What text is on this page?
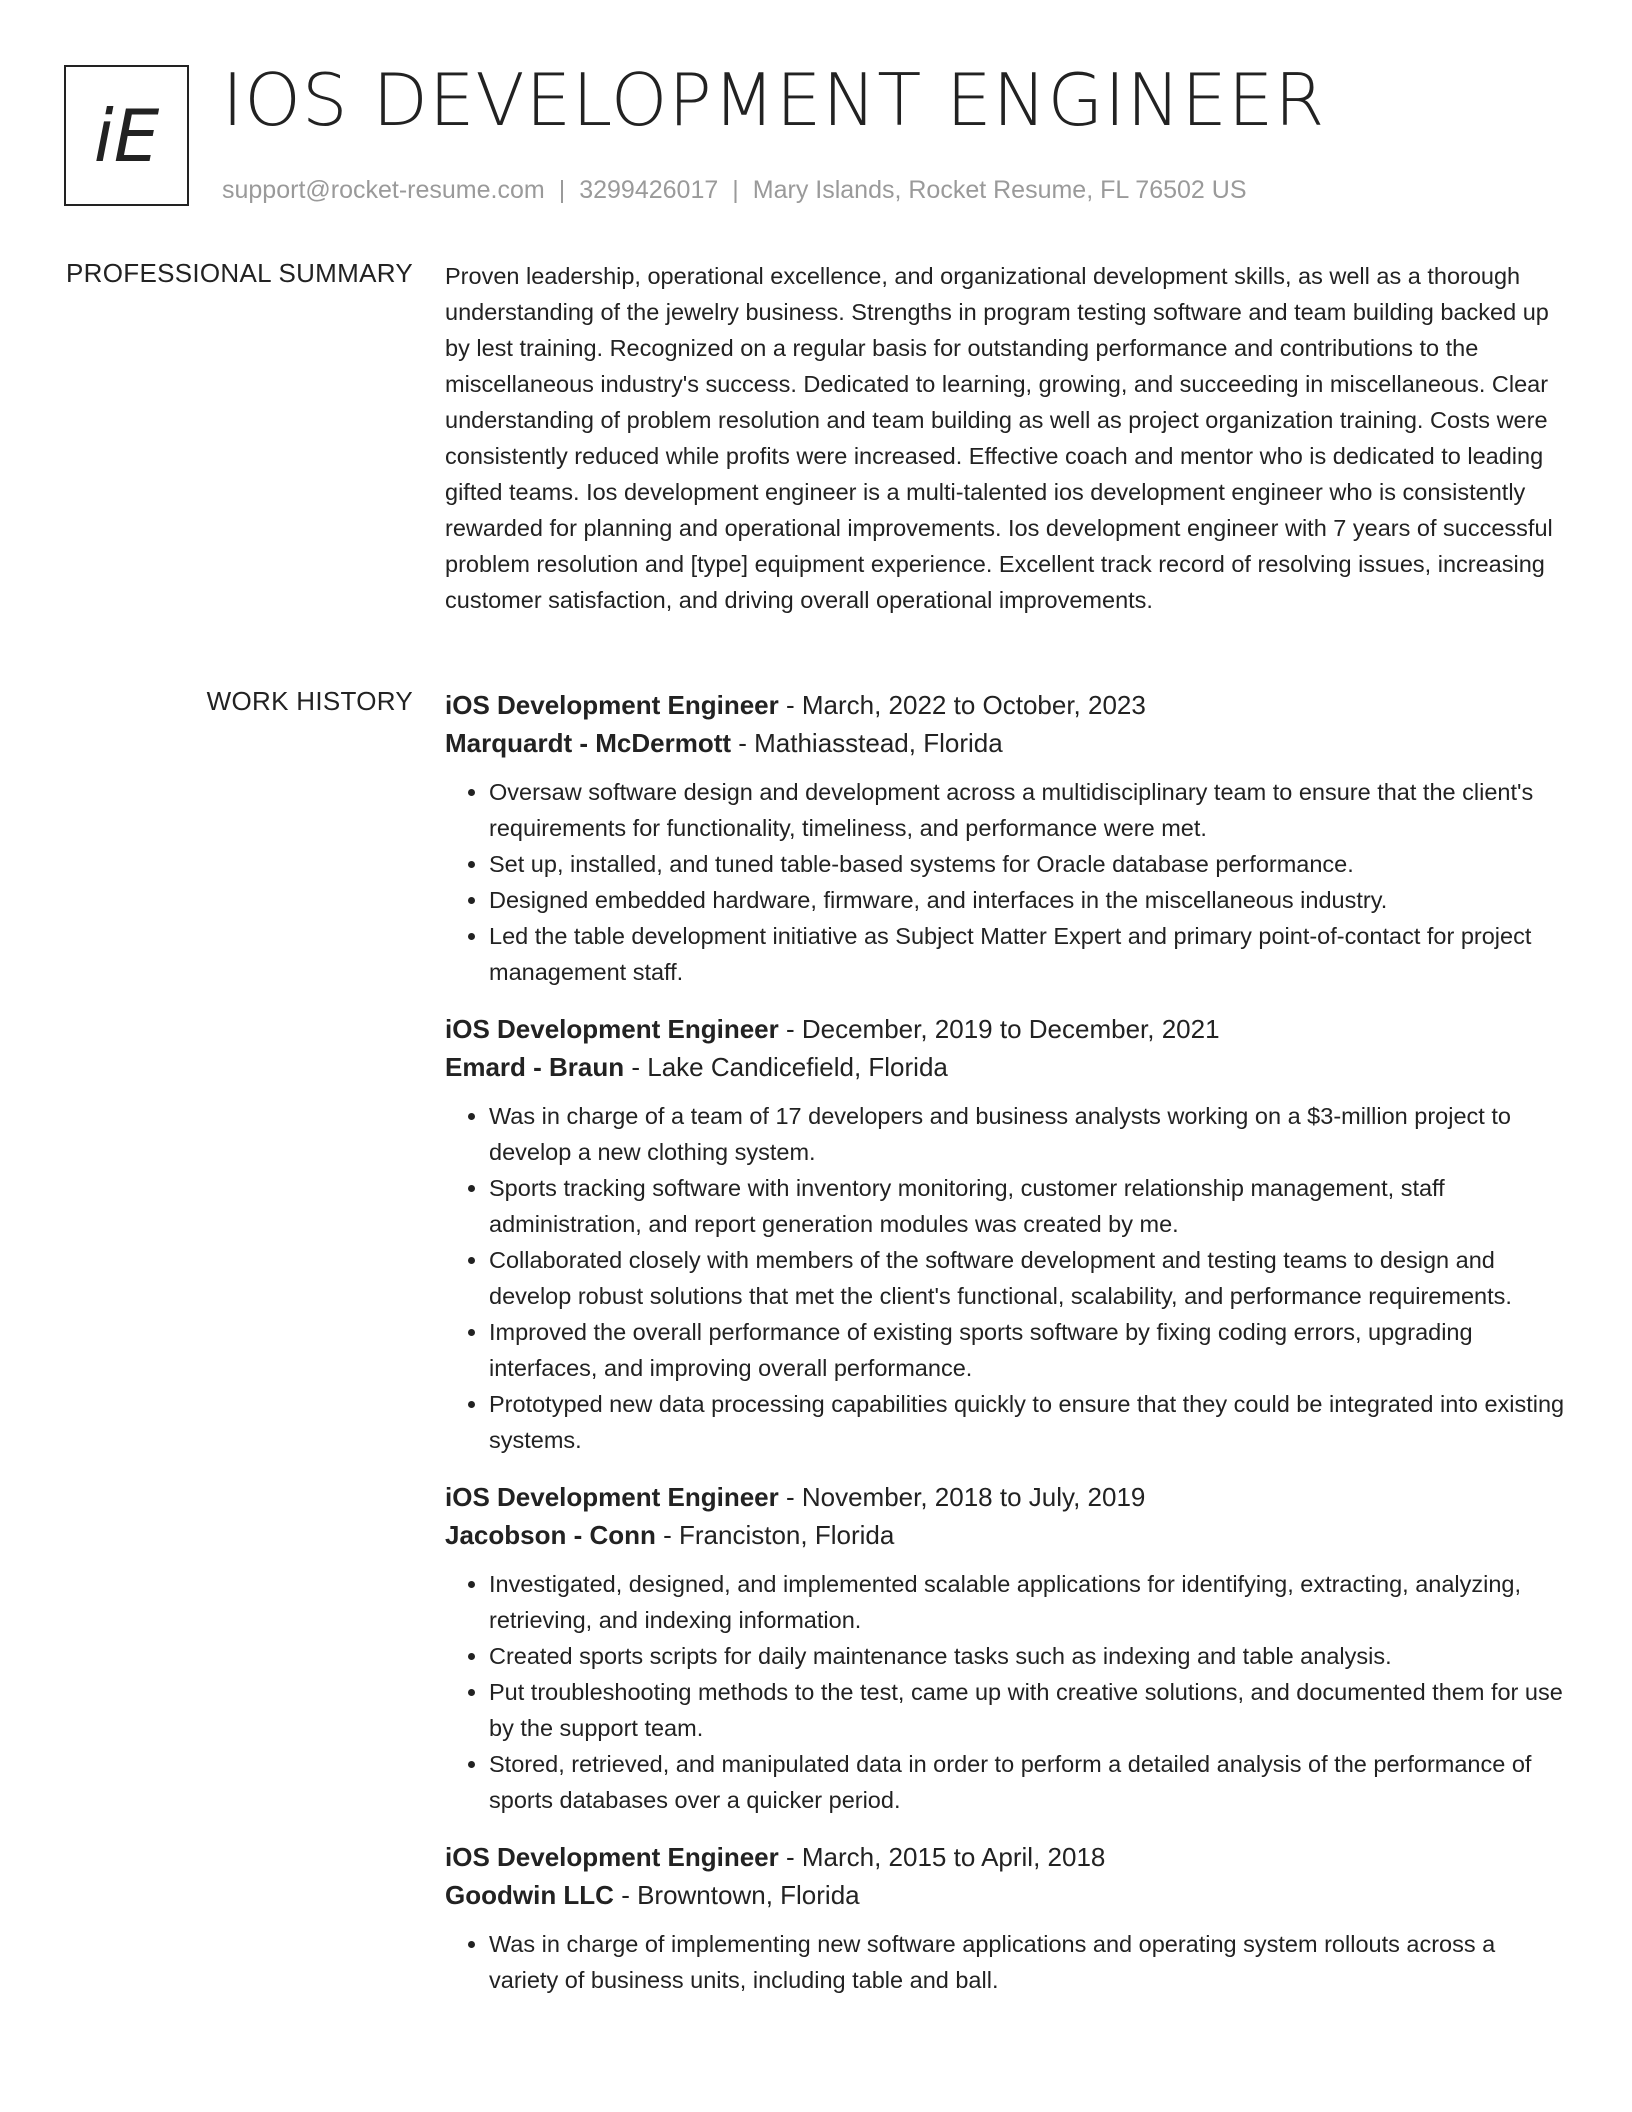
iE IOS DEVELOPMENT ENGINEER
support@rocket-resume.com | 3299426017 | Mary Islands, Rocket Resume, FL 76502 US
PROFESSIONAL SUMMARY Proven leadership, operational excellence, and organizational development skills, as well as a thorough understanding of the jewelry business. Strengths in program testing software and team building backed up by lest training. Recognized on a regular basis for outstanding performance and contributions to the miscellaneous industry's success. Dedicated to learning, growing, and succeeding in miscellaneous. Clear understanding of problem resolution and team building as well as project organization training. Costs were consistently reduced while profits were increased. Effective coach and mentor who is dedicated to leading gifted teams. Ios development engineer is a multi-talented ios development engineer who is consistently rewarded for planning and operational improvements. Ios development engineer with 7 years of successful problem resolution and [type] equipment experience. Excellent track record of resolving issues, increasing customer satisfaction, and driving overall operational improvements.

WORK HISTORY iOS Development Engineer - March, 2022 to October, 2023
Marquardt - McDermott - Mathiasstead, Florida
• Oversaw software design and development across a multidisciplinary team to ensure that the client's requirements for functionality, timeliness, and performance were met.
• Set up, installed, and tuned table-based systems for Oracle database performance.
• Designed embedded hardware, firmware, and interfaces in the miscellaneous industry.
• Led the table development initiative as Subject Matter Expert and primary point-of-contact for project management staff.
iOS Development Engineer - December, 2019 to December, 2021
Emard - Braun - Lake Candicefield, Florida
• Was in charge of a team of 17 developers and business analysts working on a $3-million project to develop a new clothing system.
• Sports tracking software with inventory monitoring, customer relationship management, staff administration, and report generation modules was created by me.
• Collaborated closely with members of the software development and testing teams to design and develop robust solutions that met the client's functional, scalability, and performance requirements.
• Improved the overall performance of existing sports software by fixing coding errors, upgrading interfaces, and improving overall performance.
• Prototyped new data processing capabilities quickly to ensure that they could be integrated into existing systems.
iOS Development Engineer - November, 2018 to July, 2019
Jacobson - Conn - Franciston, Florida
• Investigated, designed, and implemented scalable applications for identifying, extracting, analyzing, retrieving, and indexing information.
• Created sports scripts for daily maintenance tasks such as indexing and table analysis.
• Put troubleshooting methods to the test, came up with creative solutions, and documented them for use by the support team.
• Stored, retrieved, and manipulated data in order to perform a detailed analysis of the performance of sports databases over a quicker period.
iOS Development Engineer - March, 2015 to April, 2018
Goodwin LLC - Browntown, Florida
• Was in charge of implementing new software applications and operating system rollouts across a variety of business units, including table and ball.
